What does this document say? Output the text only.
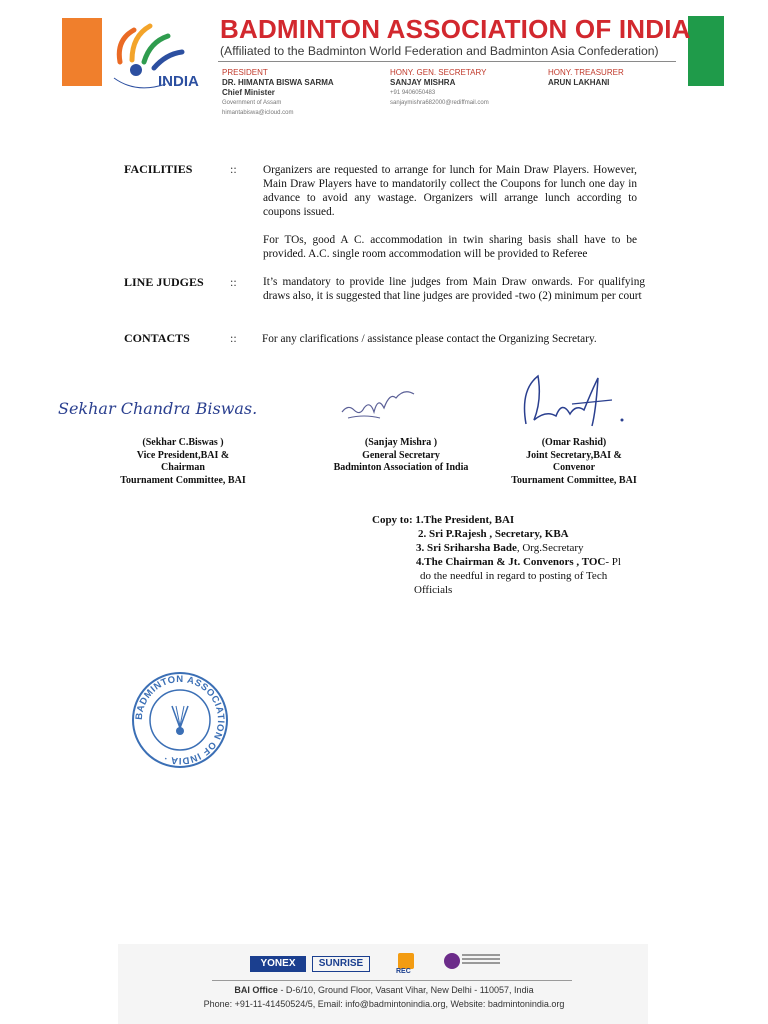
INDIA
BADMINTON ASSOCIATION OF INDIA
(Affiliated to the Badminton World Federation and Badminton Asia Confederation)
PRESIDENT
DR. HIMANTA BISWA SARMA
Chief Minister
Government of Assam
himantabiswa@icloud.com
HONY. GEN. SECRETARY
SANJAY MISHRA
+91 9406050483
sanjaymishra682000@rediffmail.com
HONY. TREASURER
ARUN LAKHANI
FACILITIES	:: Organizers are requested to arrange for lunch for Main Draw Players. However, Main Draw Players have to mandatorily collect the Coupons for lunch one day in advance to avoid any wastage. Organizers will arrange lunch according to coupons issued.
For TOs, good A C. accommodation in twin sharing basis shall have to be provided. A.C. single room accommodation will be provided to Referee
LINE JUDGES :: It’s mandatory to provide line judges from Main Draw onwards. For qualifying draws also, it is suggested that line judges are provided -two (2) minimum per court
CONTACTS	:: For any clarifications / assistance please contact the Organizing Secretary.
Sekhar Chandra Biswas.
(Sekhar C.Biswas )
Vice President,BAI &
Chairman
Tournament Committee, BAI
(Sanjay Mishra )
General Secretary
Badminton Association of India
(Omar Rashid)
Joint Secretary,BAI &
Convenor
Tournament Committee, BAI
Copy to: 1.The President, BAI
2. Sri P.Rajesh , Secretary, KBA
3. Sri Sriharsha Bade, Org.Secretary
4.The Chairman & Jt. Convenors , TOC- Pl
do the needful in regard to posting of Tech
Officials
BADMINTON ASSOCIATION OF INDIA ·
YONEX	SUNRISE
REC
BAI Office - D-6/10, Ground Floor, Vasant Vihar, New Delhi - 110057, India
Phone: +91-11-41450524/5, Email: info@badmintonindia.org, Website: badmintonindia.org
